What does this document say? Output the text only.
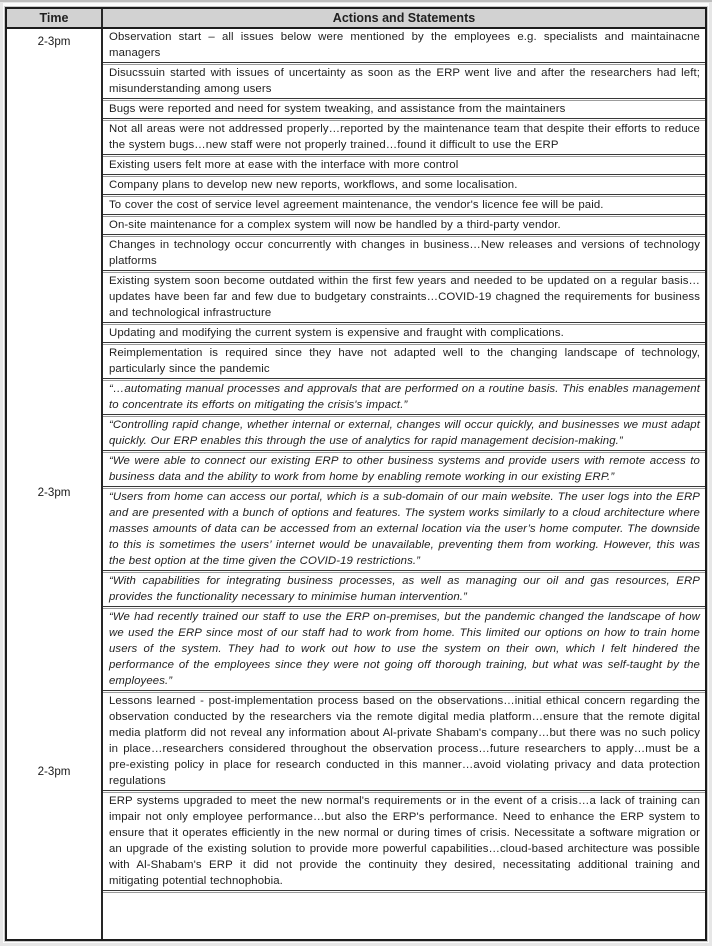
Time	Actions and Statements
2-3pm
2-3pm
2-3pm
Observation start – all issues below were mentioned by the employees e.g. specialists and maintainacne managers
Disucssuin started with issues of uncertainty as soon as the ERP went live and after the researchers had left; misunderstanding among users
Bugs were reported and need for system tweaking, and assistance from the maintainers
Not all areas were not addressed properly…reported by the maintenance team that despite their efforts to reduce the system bugs…new staff were not properly trained…found it difficult to use the ERP
Existing users felt more at ease with the interface with more control
Company plans to develop new new reports, workflows, and some localisation.
To cover the cost of service level agreement maintenance, the vendor's licence fee will be paid.
On-site maintenance for a complex system will now be handled by a third-party vendor.
Changes in technology occur concurrently with changes in business…New releases and versions of technology platforms
Existing system soon become outdated within the first few years and needed to be updated on a regular basis…updates have been far and few due to budgetary constraints…COVID-19 chagned the requirements for business and technological infrastructure
Updating and modifying the current system is expensive and fraught with complications.
Reimplementation is required since they have not adapted well to the changing landscape of technology, particularly since the pandemic
“…automating manual processes and approvals that are performed on a routine basis. This enables management to concentrate its efforts on mitigating the crisis's impact.”
“Controlling rapid change, whether internal or external, changes will occur quickly, and businesses we must adapt quickly. Our ERP enables this through the use of analytics for rapid management decision-making.”
“We were able to connect our existing ERP to other business systems and provide users with remote access to business data and the ability to work from home by enabling remote working in our existing ERP.”
“Users from home can access our portal, which is a sub-domain of our main website. The user logs into the ERP and are presented with a bunch of options and features. The system works similarly to a cloud architecture where masses amounts of data can be accessed from an external location via the user’s home computer. The downside to this is sometimes the users’ internet would be unavailable, preventing them from working. However, this was the best option at the time given the COVID-19 restrictions.”
“With capabilities for integrating business processes, as well as managing our oil and gas resources, ERP provides the functionality necessary to minimise human intervention.”
“We had recently trained our staff to use the ERP on-premises, but the pandemic changed the landscape of how we used the ERP since most of our staff had to work from home. This limited our options on how to train home users of the system. They had to work out how to use the system on their own, which I felt hindered the performance of the employees since they were not going off thorough training, but what was self-taught by the employees.”
Lessons learned - post-implementation process based on the observations…initial ethical concern regarding the observation conducted by the researchers via the remote digital media platform…ensure that the remote digital media platform did not reveal any information about Al-private Shabam's company…but there was no such policy in place…researchers considered throughout the observation process…future researchers to apply…must be a pre-existing policy in place for research conducted in this manner…avoid violating privacy and data protection regulations
ERP systems upgraded to meet the new normal's requirements or in the event of a crisis…a lack of training can impair not only employee performance…but also the ERP's performance. Need to enhance the ERP system to ensure that it operates efficiently in the new normal or during times of crisis. Necessitate a software migration or an upgrade of the existing solution to provide more powerful capabilities…cloud-based architecture was possible with Al-Shabam's ERP it did not provide the continuity they desired, necessitating additional training and mitigating potential technophobia.
